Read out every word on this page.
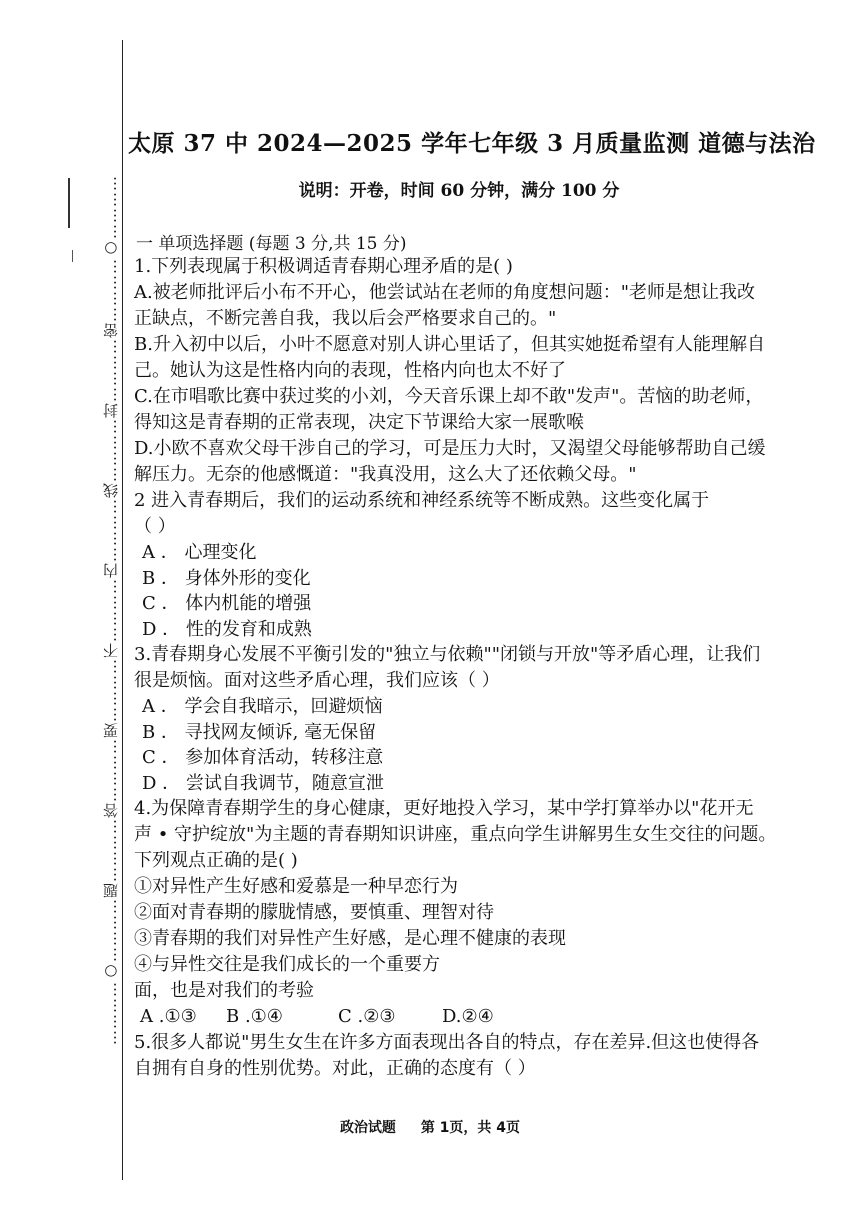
…………○…………题…………答…………要…………不…………内…………线…………封…………密…………○…………
太原 37 中 2024—2025 学年七年级 3 月质量监测 道德与法治
说明：开卷，时间 60 分钟，满分 100 分
一 单项选择题 (每题 3 分,共 15 分)

1.下列表现属于积极调适青春期心理矛盾的是( )

A.被老师批评后小布不开心，他尝试站在老师的角度想问题："老师是想让我改

正缺点，不断完善自我，我以后会严格要求自己的。"

B.升入初中以后，小叶不愿意对别人讲心里话了，但其实她挺希望有人能理解自

己。她认为这是性格内向的表现，性格内向也太不好了

C.在市唱歌比赛中获过奖的小刘，今天音乐课上却不敢"发声"。苦恼的助老师，

得知这是青春期的正常表现，决定下节课给大家一展歌喉

D.小欧不喜欢父母干涉自己的学习，可是压力大时，又渴望父母能够帮助自己缓

解压力。无奈的他感慨道："我真没用，这么大了还依赖父母。"

2 进入青春期后，我们的运动系统和神经系统等不断成熟。这些变化属于

（ ）

A ． 心理变化

B ． 身体外形的变化

C ． 体内机能的增强

D ． 性的发育和成熟

3.青春期身心发展不平衡引发的"独立与依赖""闭锁与开放"等矛盾心理，让我们

很是烦恼。面对这些矛盾心理，我们应该（ ）

A ． 学会自我暗示，回避烦恼

B ． 寻找网友倾诉, 毫无保留

C ． 参加体育活动，转移注意

D ． 尝试自我调节，随意宣泄

4.为保障青春期学生的身心健康，更好地投入学习，某中学打算举办以"花开无

声 • 守护绽放"为主题的青春期知识讲座，重点向学生讲解男生女生交往的问题。

下列观点正确的是( )

①对异性产生好感和爱慕是一种早恋行为

②面对青春期的朦胧情感，要慎重、理智对待

③青春期的我们对异性产生好感，是心理不健康的表现

④与异性交往是我们成长的一个重要方

面，也是对我们的考验

A .①③	B .①④	C .②③	D.②④

5.很多人都说"男生女生在许多方面表现出各自的特点，存在差异.但这也使得各

自拥有自身的性别优势。对此，正确的态度有（ ）

政治试题 第 1页，共 4页
